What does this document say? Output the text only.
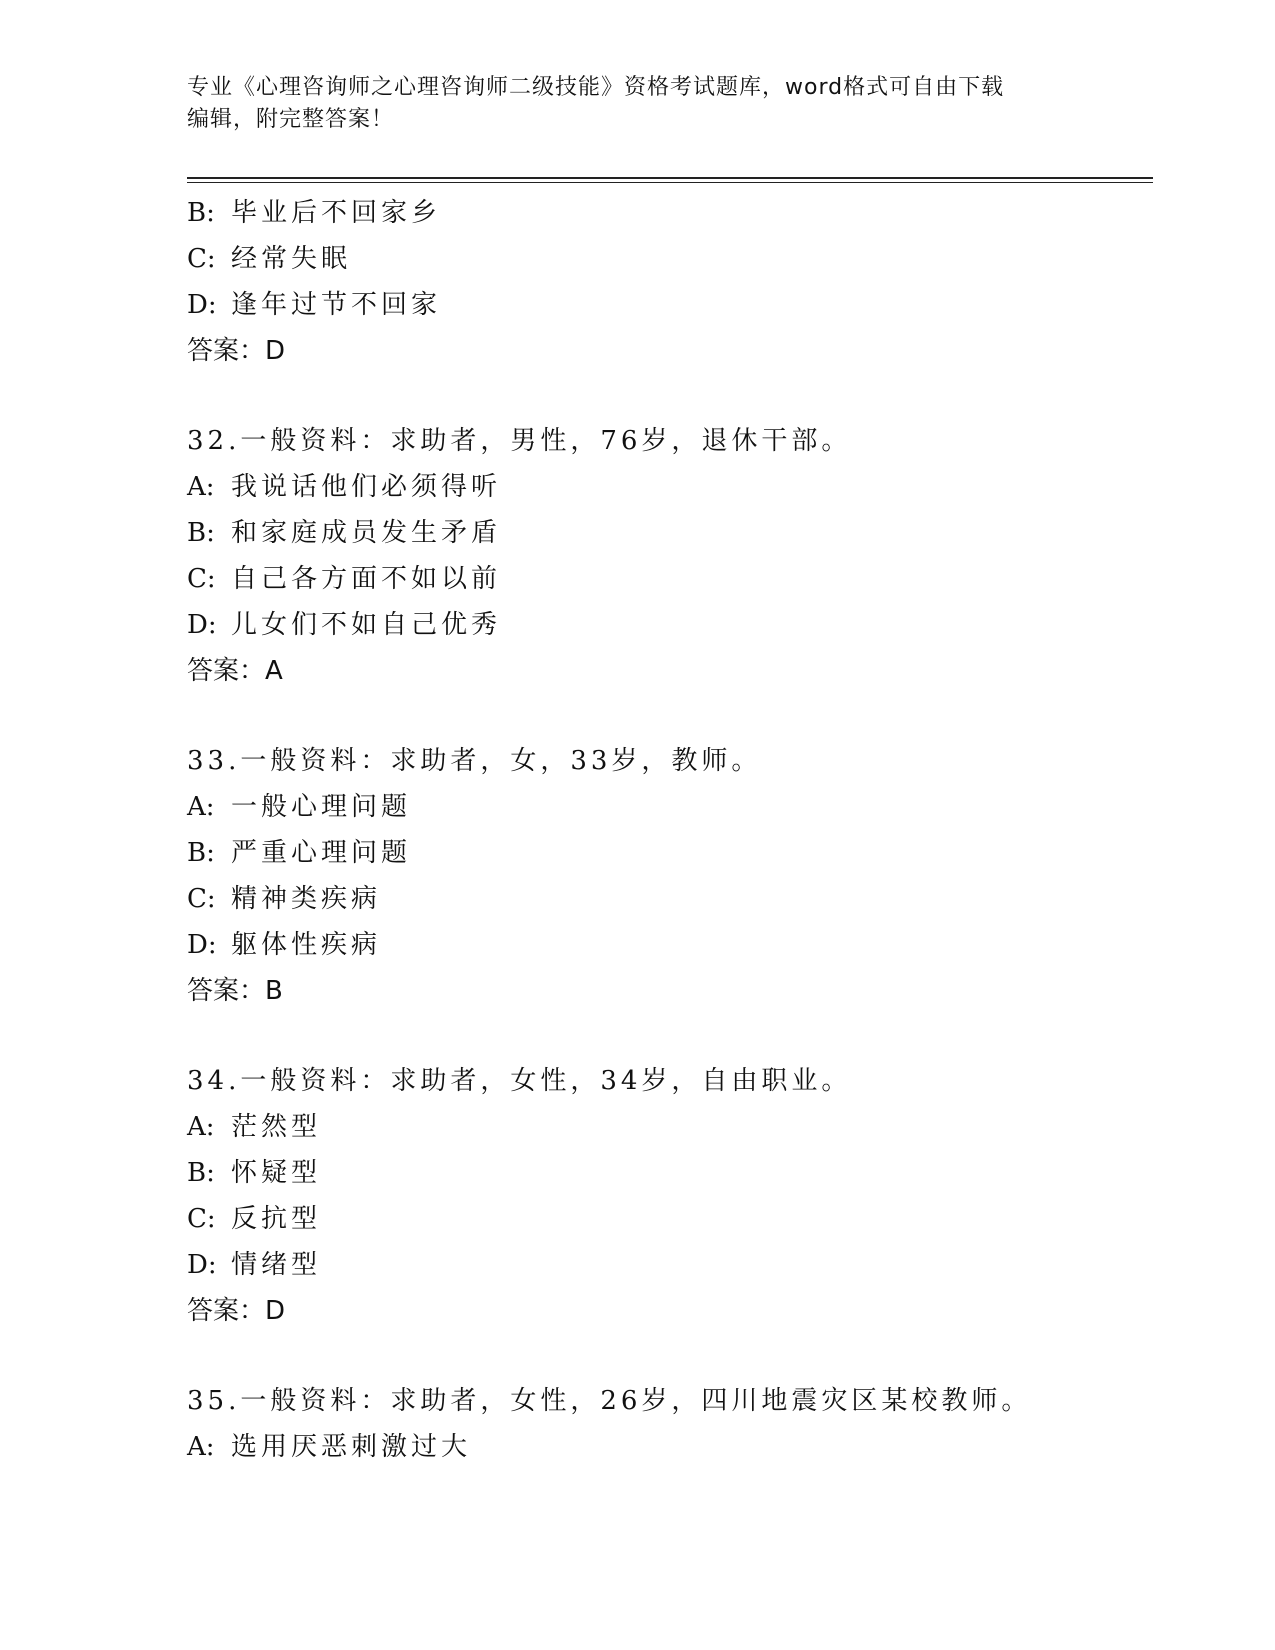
专业《心理咨询师之心理咨询师二级技能》资格考试题库，word格式可自由下载
编辑，附完整答案！
B: 毕业后不回家乡
C: 经常失眠
D: 逢年过节不回家
答案：D
32.一般资料：求助者，男性，76岁，退休干部。
A: 我说话他们必须得听
B: 和家庭成员发生矛盾
C: 自己各方面不如以前
D: 儿女们不如自己优秀
答案：A
33.一般资料：求助者，女，33岁，教师。
A: 一般心理问题
B: 严重心理问题
C: 精神类疾病
D: 躯体性疾病
答案：B
34.一般资料：求助者，女性，34岁，自由职业。
A: 茫然型
B: 怀疑型
C: 反抗型
D: 情绪型
答案：D
35.一般资料：求助者，女性，26岁，四川地震灾区某校教师。
A: 选用厌恶刺激过大
